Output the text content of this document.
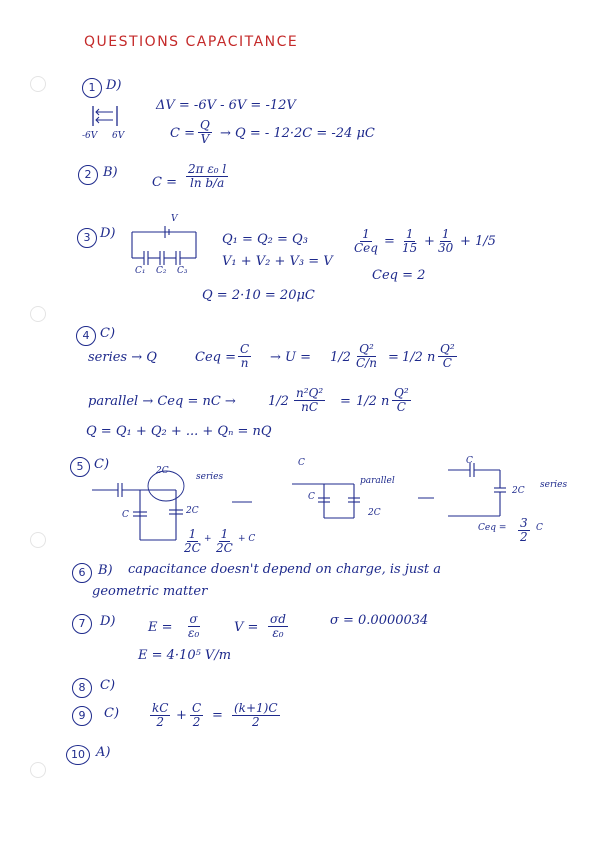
QUESTIONS CAPACITANCE
1 D)
-6V 6V
ΔV = -6V - 6V = -12V
$C = \frac{Q}{V} \to Q$ = - 12·2C = -24 μC
2 B)
$C = \frac{\text{2π ε₀ l}}{\text{ln b/a}}$
3 D)
V
C₁ C₂ C₃
Q₁ = Q₂ = Q₃
V₁ + V₂ + V₃ = V
1
Ceq = $\frac{1}{15} + \frac{1}{30} + 1/5$
Ceq = 2
Q = 2·10 = 20μC
4 C)
series → Q	Ceq = $\frac{C}{n} \to U = 1/2 \frac{\text{Q²}}{C/n} = 1/2$ n $\frac{\text{Q²}}{C}$
parallel → Ceq = nC → $1/2 \frac{\text{n²Q²}}{nC} = 1/2$ n $\frac{\text{Q²}}{C}$
Q = Q₁ + Q₂ + ... + Qₙ = nQ
5 C)	2C
series
C	2C
$\frac{1}{2C} + \frac{1}{2C} + C$
C
C
parallel
2C
C
2C
series
Ceq = $\frac{3}{2}$ C
6 B) capacitance doesn't depend on charge, is just a
geometric matter
7	D)	$E = \frac{\sigma}{\text{ε₀}}$	$V = \frac{\sigma d}{\text{ε₀}}$	σ = 0.0000034
E = 4·10⁵ V/m
8	C)
9	C)	$\frac{kC}{2} + \frac{C}{2} = \frac{(k+1)C}{2}$
10 A)
